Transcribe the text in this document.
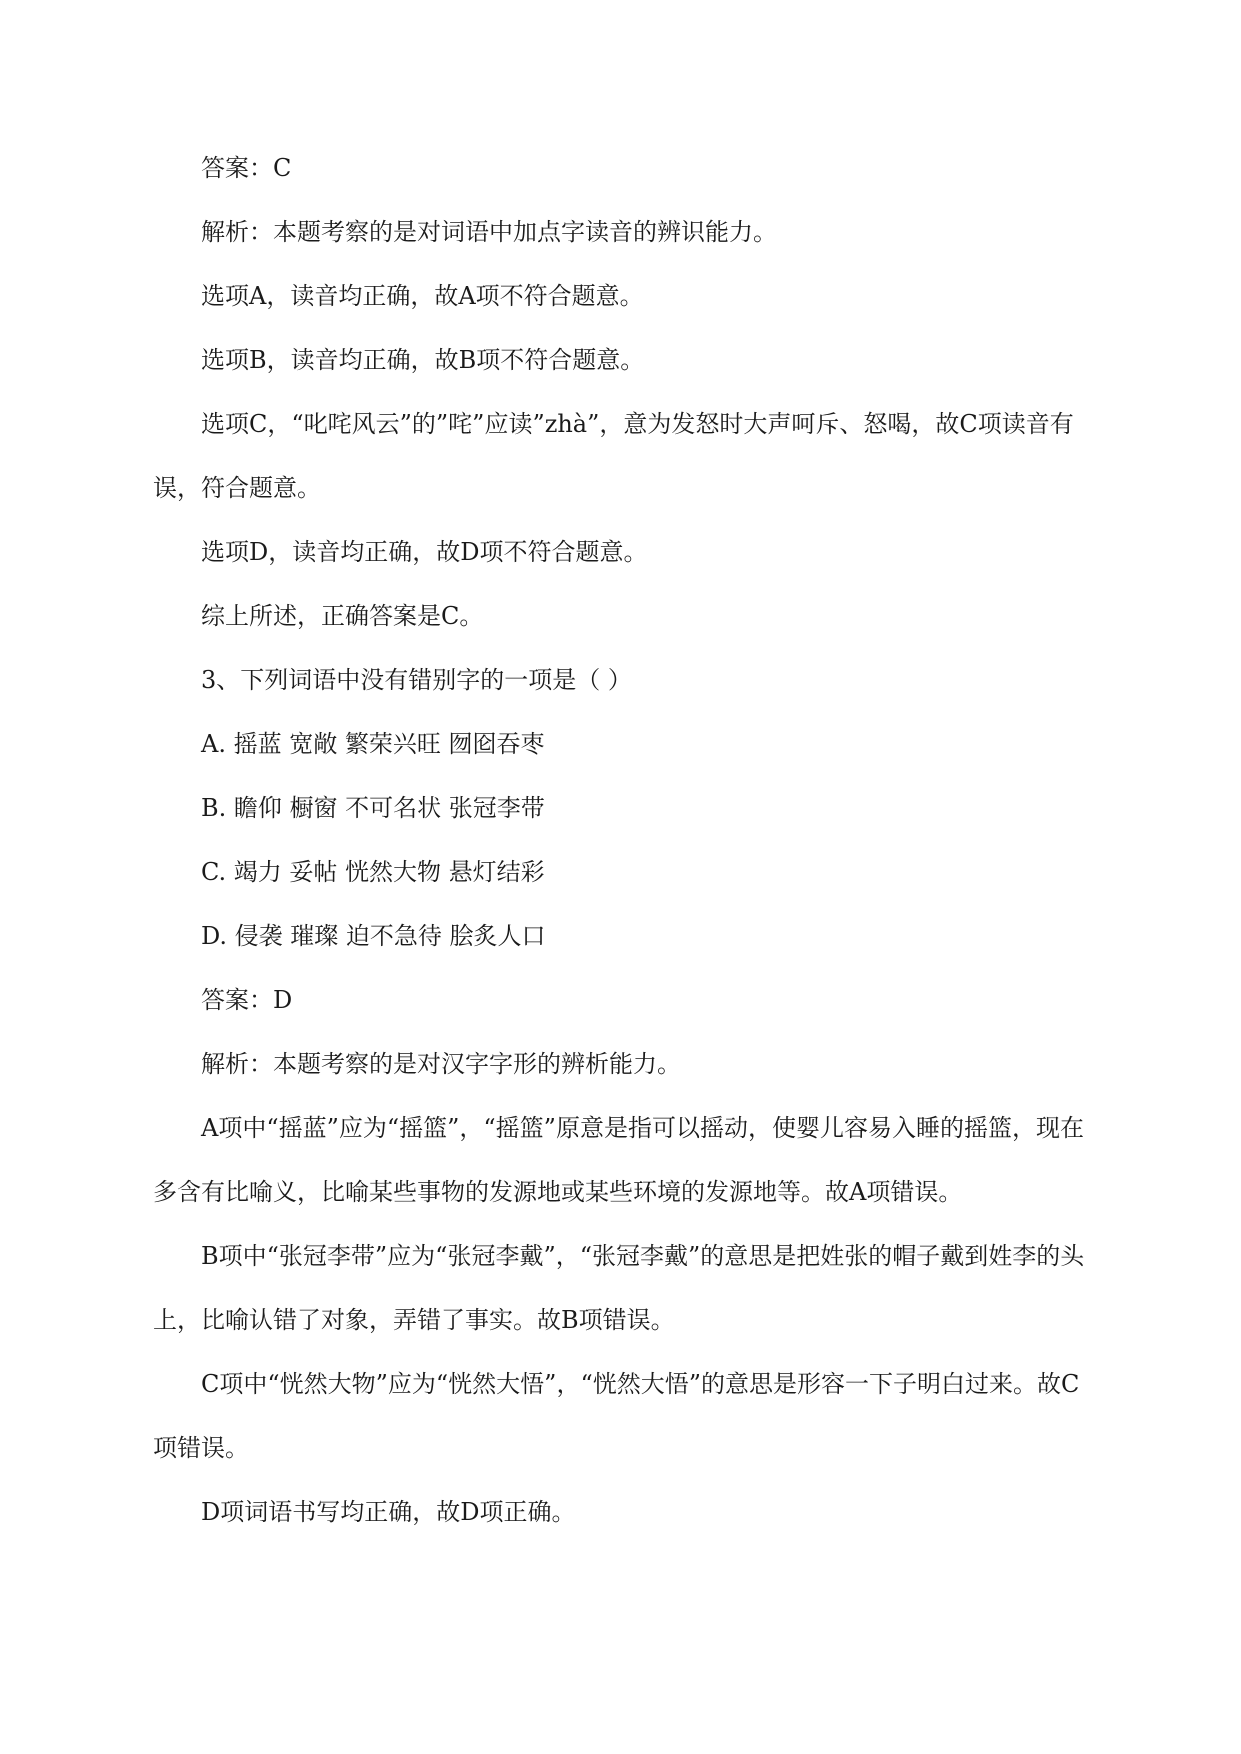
答案：C

解析：本题考察的是对词语中加点字读音的辨识能力。

选项A，读音均正确，故A项不符合题意。

选项B，读音均正确，故B项不符合题意。

选项C，“叱咤风云”的”咤”应读”zhà”，意为发怒时大声呵斥、怒喝，故C项读音有误，符合题意。

选项D，读音均正确，故D项不符合题意。

综上所述，正确答案是C。

3、下列词语中没有错别字的一项是（ ）

A. 摇蓝 宽敞 繁荣兴旺 囫囵吞枣

B. 瞻仰 橱窗 不可名状 张冠李带

C. 竭力 妥帖 恍然大物 悬灯结彩

D. 侵袭 璀璨 迫不急待 脍炙人口

答案：D

解析：本题考察的是对汉字字形的辨析能力。

A项中“摇蓝”应为“摇篮”，“摇篮”原意是指可以摇动，使婴儿容易入睡的摇篮，现在多含有比喻义，比喻某些事物的发源地或某些环境的发源地等。故A项错误。

B项中“张冠李带”应为“张冠李戴”，“张冠李戴”的意思是把姓张的帽子戴到姓李的头上，比喻认错了对象，弄错了事实。故B项错误。

C项中“恍然大物”应为“恍然大悟”，“恍然大悟”的意思是形容一下子明白过来。故C项错误。

D项词语书写均正确，故D项正确。
